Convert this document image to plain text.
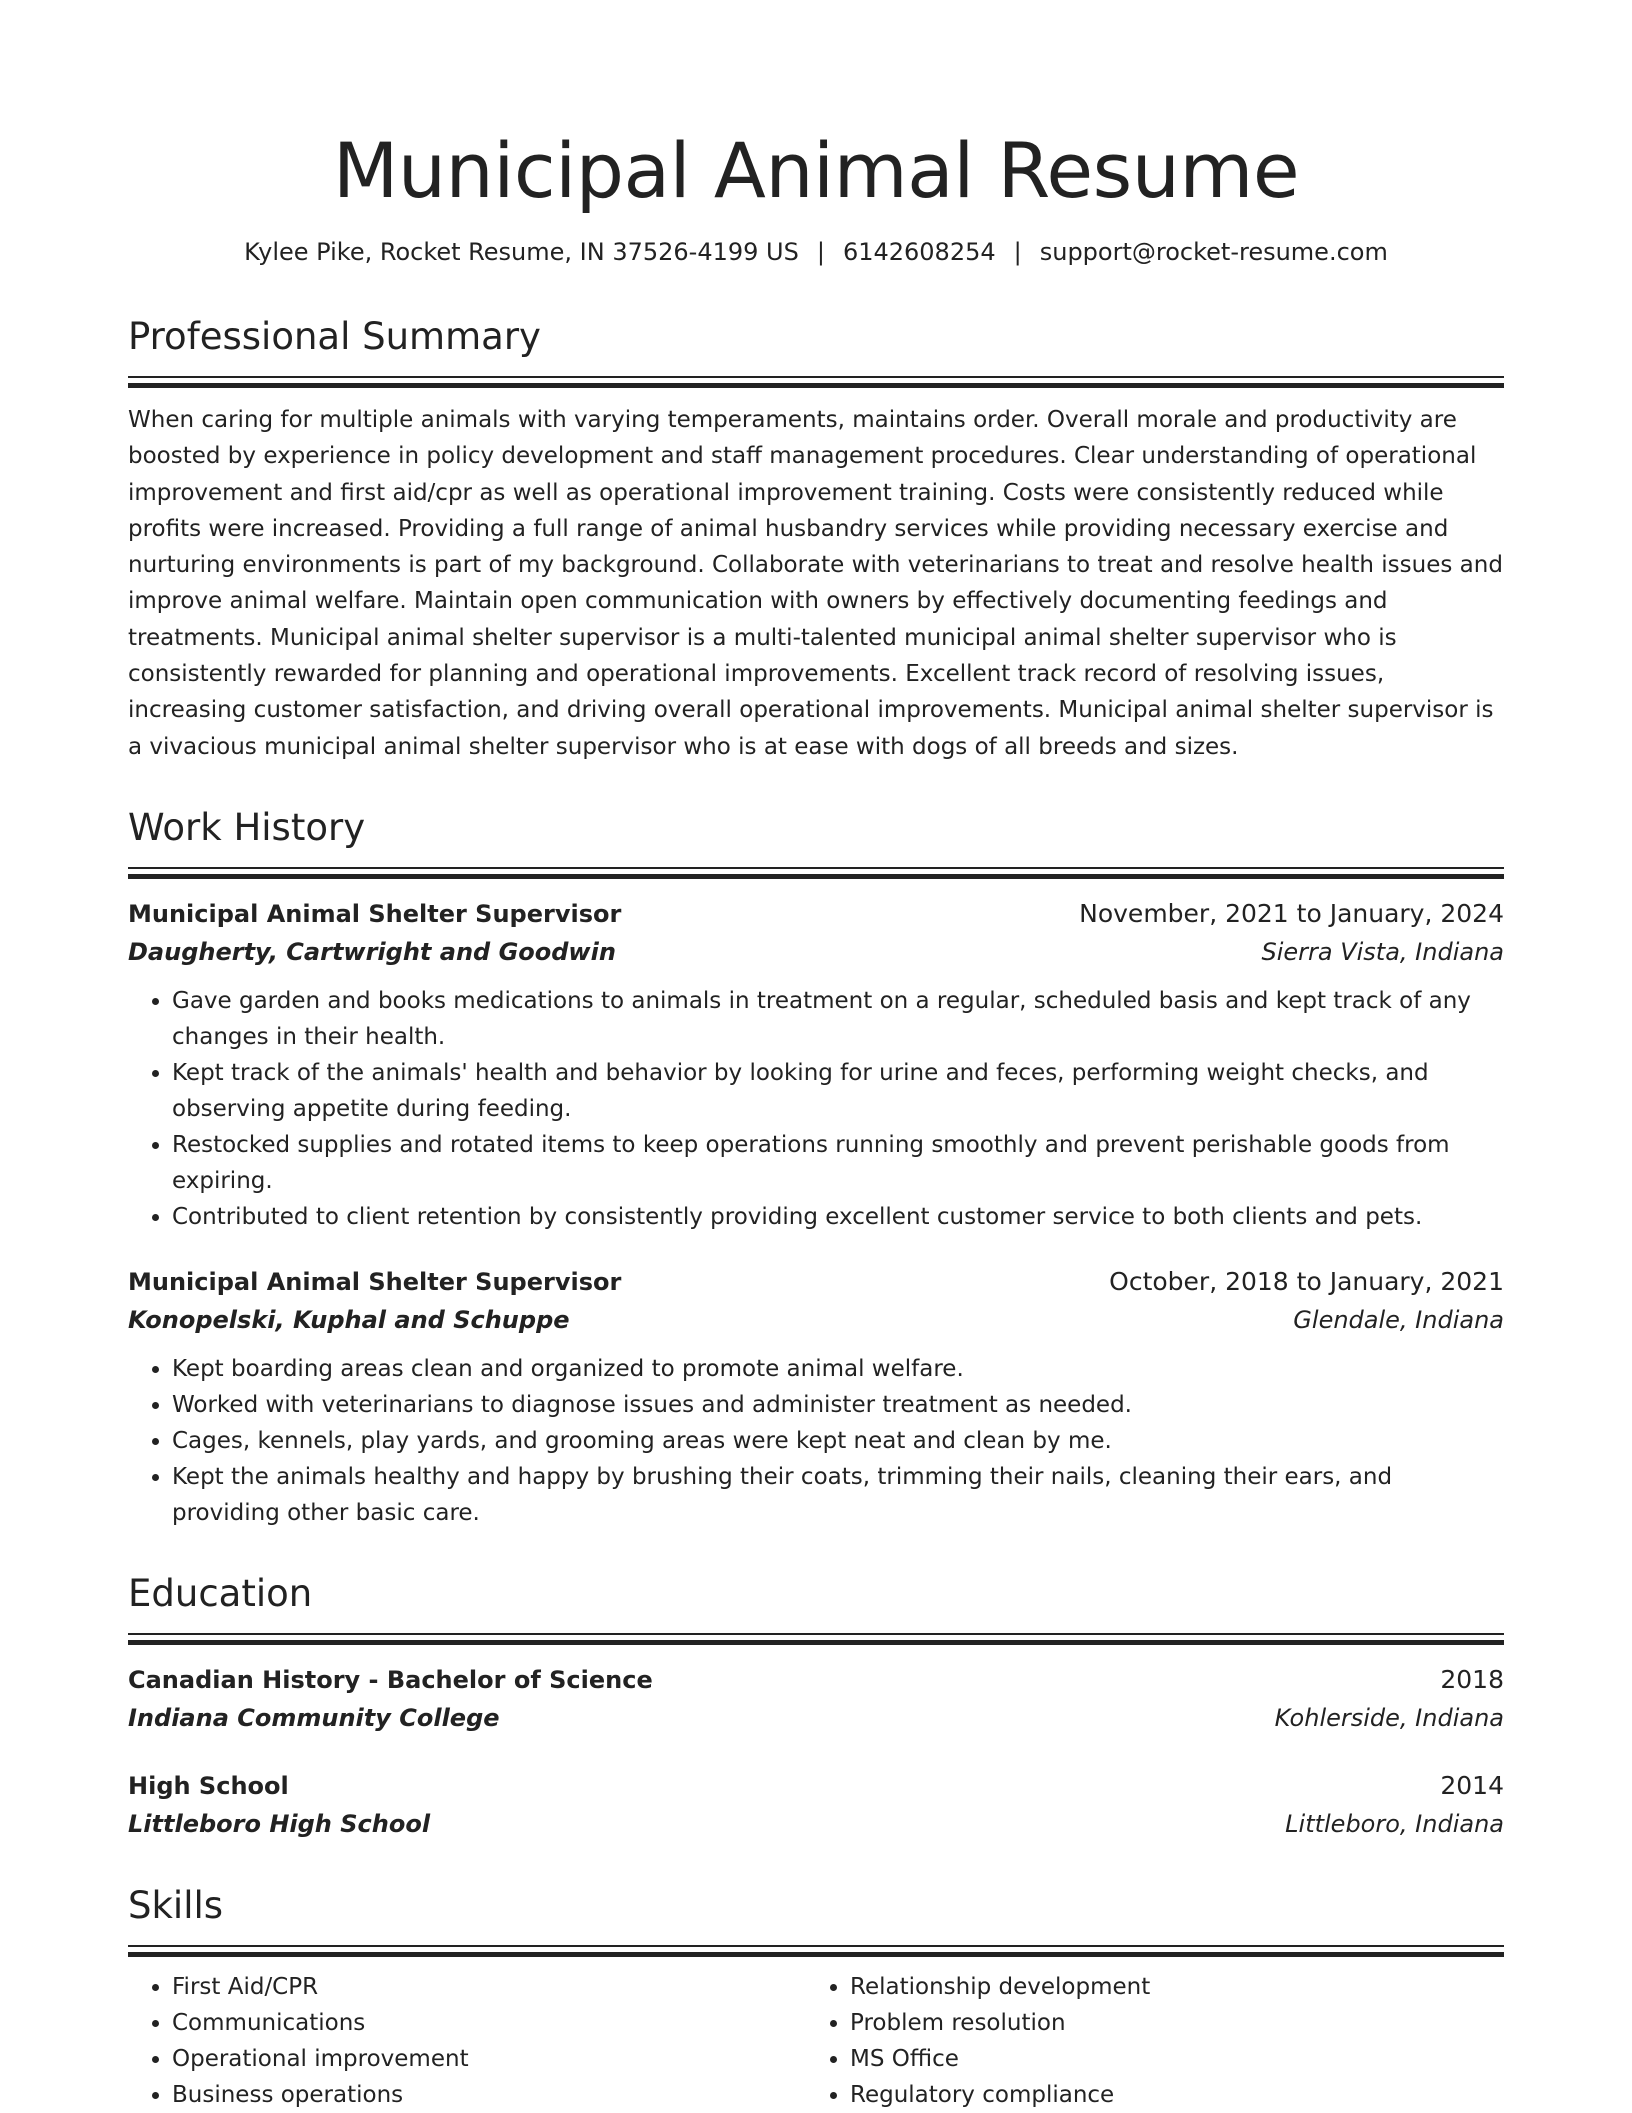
Municipal Animal Resume
Kylee Pike, Rocket Resume, IN 37526-4199 US | 6142608254 | support@rocket-resume.com
Professional Summary
When caring for multiple animals with varying temperaments, maintains order. Overall morale and productivity are boosted by experience in policy development and staff management procedures. Clear understanding of operational improvement and first aid/cpr as well as operational improvement training. Costs were consistently reduced while profits were increased. Providing a full range of animal husbandry services while providing necessary exercise and nurturing environments is part of my background. Collaborate with veterinarians to treat and resolve health issues and improve animal welfare. Maintain open communication with owners by effectively documenting feedings and treatments. Municipal animal shelter supervisor is a multi-talented municipal animal shelter supervisor who is consistently rewarded for planning and operational improvements. Excellent track record of resolving issues, increasing customer satisfaction, and driving overall operational improvements. Municipal animal shelter supervisor is a vivacious municipal animal shelter supervisor who is at ease with dogs of all breeds and sizes.
Work History
Municipal Animal Shelter Supervisor	November, 2021 to January, 2024
Daugherty, Cartwright and Goodwin	Sierra Vista, Indiana
• Gave garden and books medications to animals in treatment on a regular, scheduled basis and kept track of any changes in their health.
• Kept track of the animals' health and behavior by looking for urine and feces, performing weight checks, and observing appetite during feeding.
• Restocked supplies and rotated items to keep operations running smoothly and prevent perishable goods from expiring.
• Contributed to client retention by consistently providing excellent customer service to both clients and pets.
Municipal Animal Shelter Supervisor	October, 2018 to January, 2021
Konopelski, Kuphal and Schuppe	Glendale, Indiana
• Kept boarding areas clean and organized to promote animal welfare.
• Worked with veterinarians to diagnose issues and administer treatment as needed.
• Cages, kennels, play yards, and grooming areas were kept neat and clean by me.
• Kept the animals healthy and happy by brushing their coats, trimming their nails, cleaning their ears, and providing other basic care.
Education
Canadian History - Bachelor of Science	2018
Indiana Community College	Kohlerside, Indiana
High School	2014
Littleboro High School	Littleboro, Indiana
Skills
• First Aid/CPR
• Communications
• Operational improvement
• Business operations
• Relationship development
• Problem resolution
• MS Office
• Regulatory compliance
